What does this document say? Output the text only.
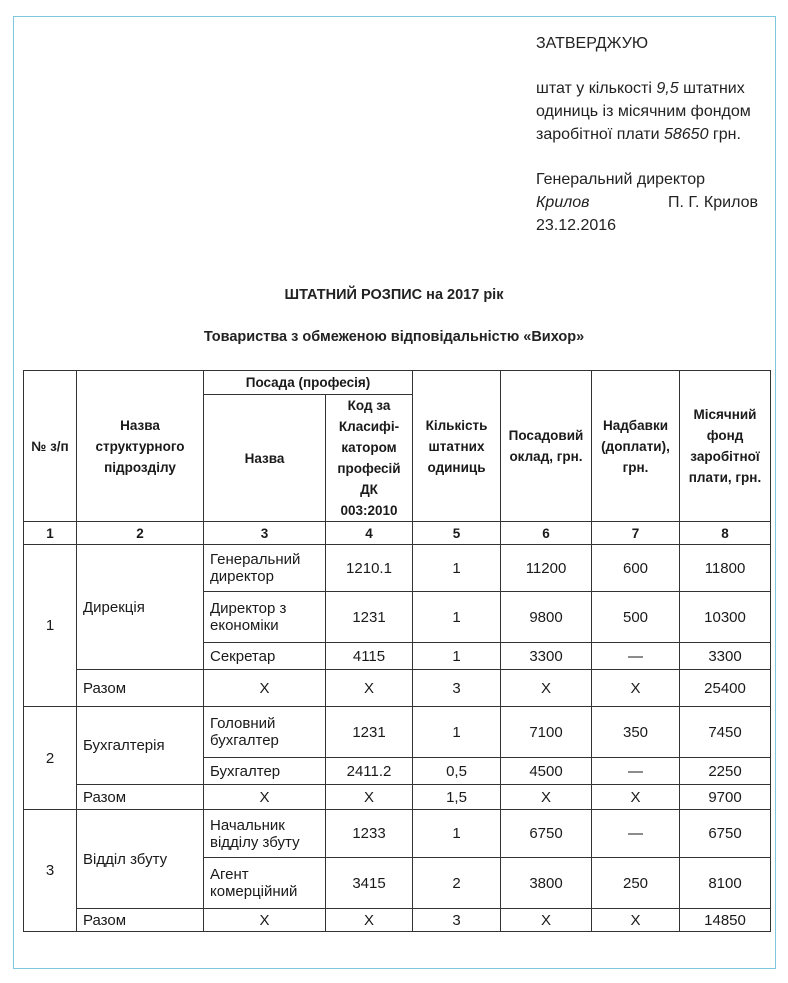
ЗАТВЕРДЖУЮ
штат у кількості 9,5 штатних
одиниць із місячним фондом
заробітної плати 58650 грн.
Генеральний директор
Крилов	П. Г. Крилов
23.12.2016
ШТАТНИЙ РОЗПИС на 2017 рік
Товариства з обмеженою відповідальністю «Вихор»
№ з/п	Назва структурного підрозділу	Посада (професія)		Кількість штатних одиниць	Посадовий оклад, грн.	Надбавки (доплати), грн.	Місячний фонд заробітної плати, грн.
		Назва	Код за Класифі-катором професій ДК 003:2010				
1	2	3	4	5	6	7	8
1	Дирекція	Генеральний директор	1210.1	1	11200	600	11800
		Директор з економіки	1231	1	9800	500	10300
		Секретар	4115	1	3300	—	3300
	Разом	Х	Х	3	Х	Х	25400
2	Бухгалтерія	Головний бухгалтер	1231	1	7100	350	7450
		Бухгалтер	2411.2	0,5	4500	—	2250
	Разом	Х	Х	1,5	Х	Х	9700
3	Відділ збуту	Начальник відділу збуту	1233	1	6750	—	6750
		Агент комерційний	3415	2	3800	250	8100
	Разом	Х	Х	3	Х	Х	14850
